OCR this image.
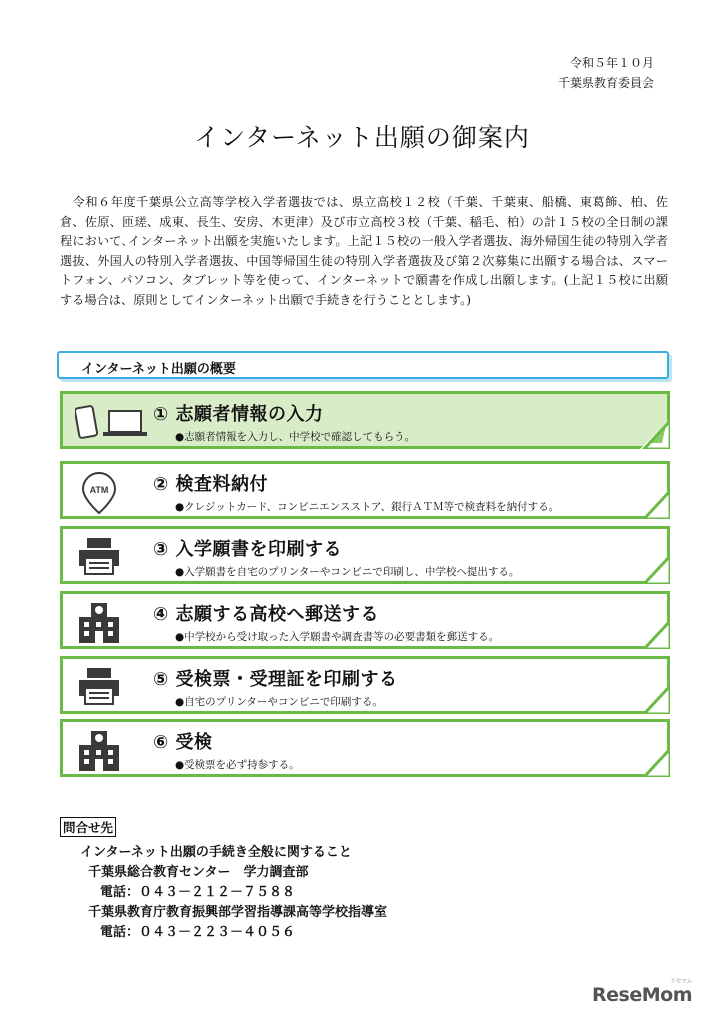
令和５年１０月
千葉県教育委員会
インターネット出願の御案内

　令和６年度千葉県公立高等学校入学者選抜では、県立高校１２校（千葉、千葉東、船橋、東葛飾、柏、佐倉、佐原、匝瑳、成東、長生、安房、木更津）及び市立高校３校（千葉、稲毛、柏）の計１５校の全日制の課程において､インターネット出願を実施いたします。上記１５校の一般入学者選抜、海外帰国生徒の特別入学者選抜、外国人の特別入学者選抜、中国等帰国生徒の特別入学者選抜及び第２次募集に出願する場合は、スマートフォン、パソコン、タブレット等を使って、インターネットで願書を作成し出願します。(上記１５校に出願する場合は、原則としてインターネット出願で手続きを行うこととします。)

インターネット出願の概要
① 志願者情報の入力
●志願者情報を入力し、中学校で確認してもらう。
ATM ② 検査料納付
●クレジットカード、コンビニエンスストア、銀行ＡＴＭ等で検査料を納付する。
③ 入学願書を印刷する
●入学願書を自宅のプリンターやコンビニで印刷し、中学校へ提出する。
④ 志願する高校へ郵送する
●中学校から受け取った入学願書や調査書等の必要書類を郵送する。
⑤ 受検票・受理証を印刷する
●自宅のプリンターやコンビニで印刷する。
⑥ 受検
●受検票を必ず持参する。
問合せ先
インターネット出願の手続き全般に関すること
千葉県総合教育センター　学力調査部
電話：０４３－２１２－７５８８
千葉県教育庁教育振興部学習指導課高等学校指導室
電話：０４３－２２３－４０５６
ReseMom
リセマム
